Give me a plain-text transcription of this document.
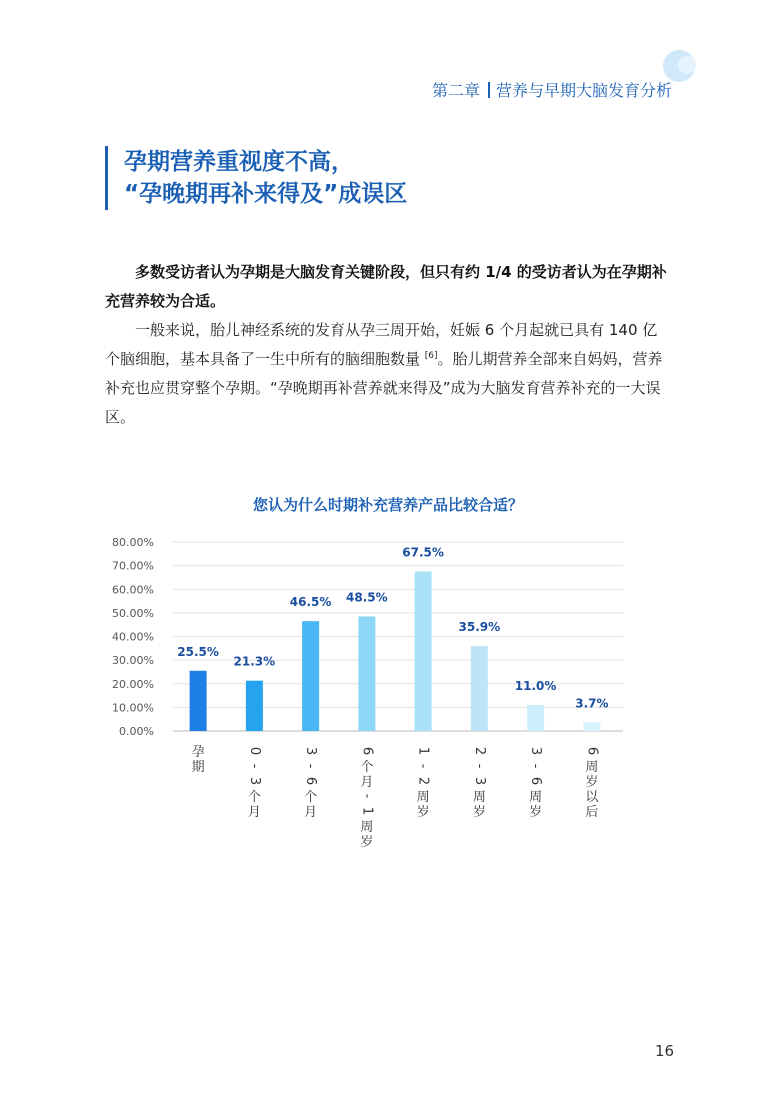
第二章 营养与早期大脑发育分析
孕期营养重视度不高，
“孕晚期再补来得及”成误区

多数受访者认为孕期是大脑发育关键阶段，但只有约 1/4 的受访者认为在孕期补充营养较为合适。

一般来说，胎儿神经系统的发育从孕三周开始，妊娠 6 个月起就已具有 140 亿个脑细胞，基本具备了一生中所有的脑细胞数量 [6]。胎儿期营养全部来自妈妈，营养补充也应贯穿整个孕期。“孕晚期再补营养就来得及”成为大脑发育营养补充的一大误区。

您认为什么时期补充营养产品比较合适？
0.00%
10.00%
20.00%
30.00%
40.00%
50.00%
60.00%
70.00%
80.00%
25.5%
孕
期
21.3%
0
-
3
个
月
46.5%
3
-
6
个
月
48.5%
6
个
月
-
1
周
岁
67.5%
1
-
2
周
岁
35.9%
2
-
3
周
岁
11.0%
3
-
6
周
岁
3.7%
6
周
岁
以
后
16
